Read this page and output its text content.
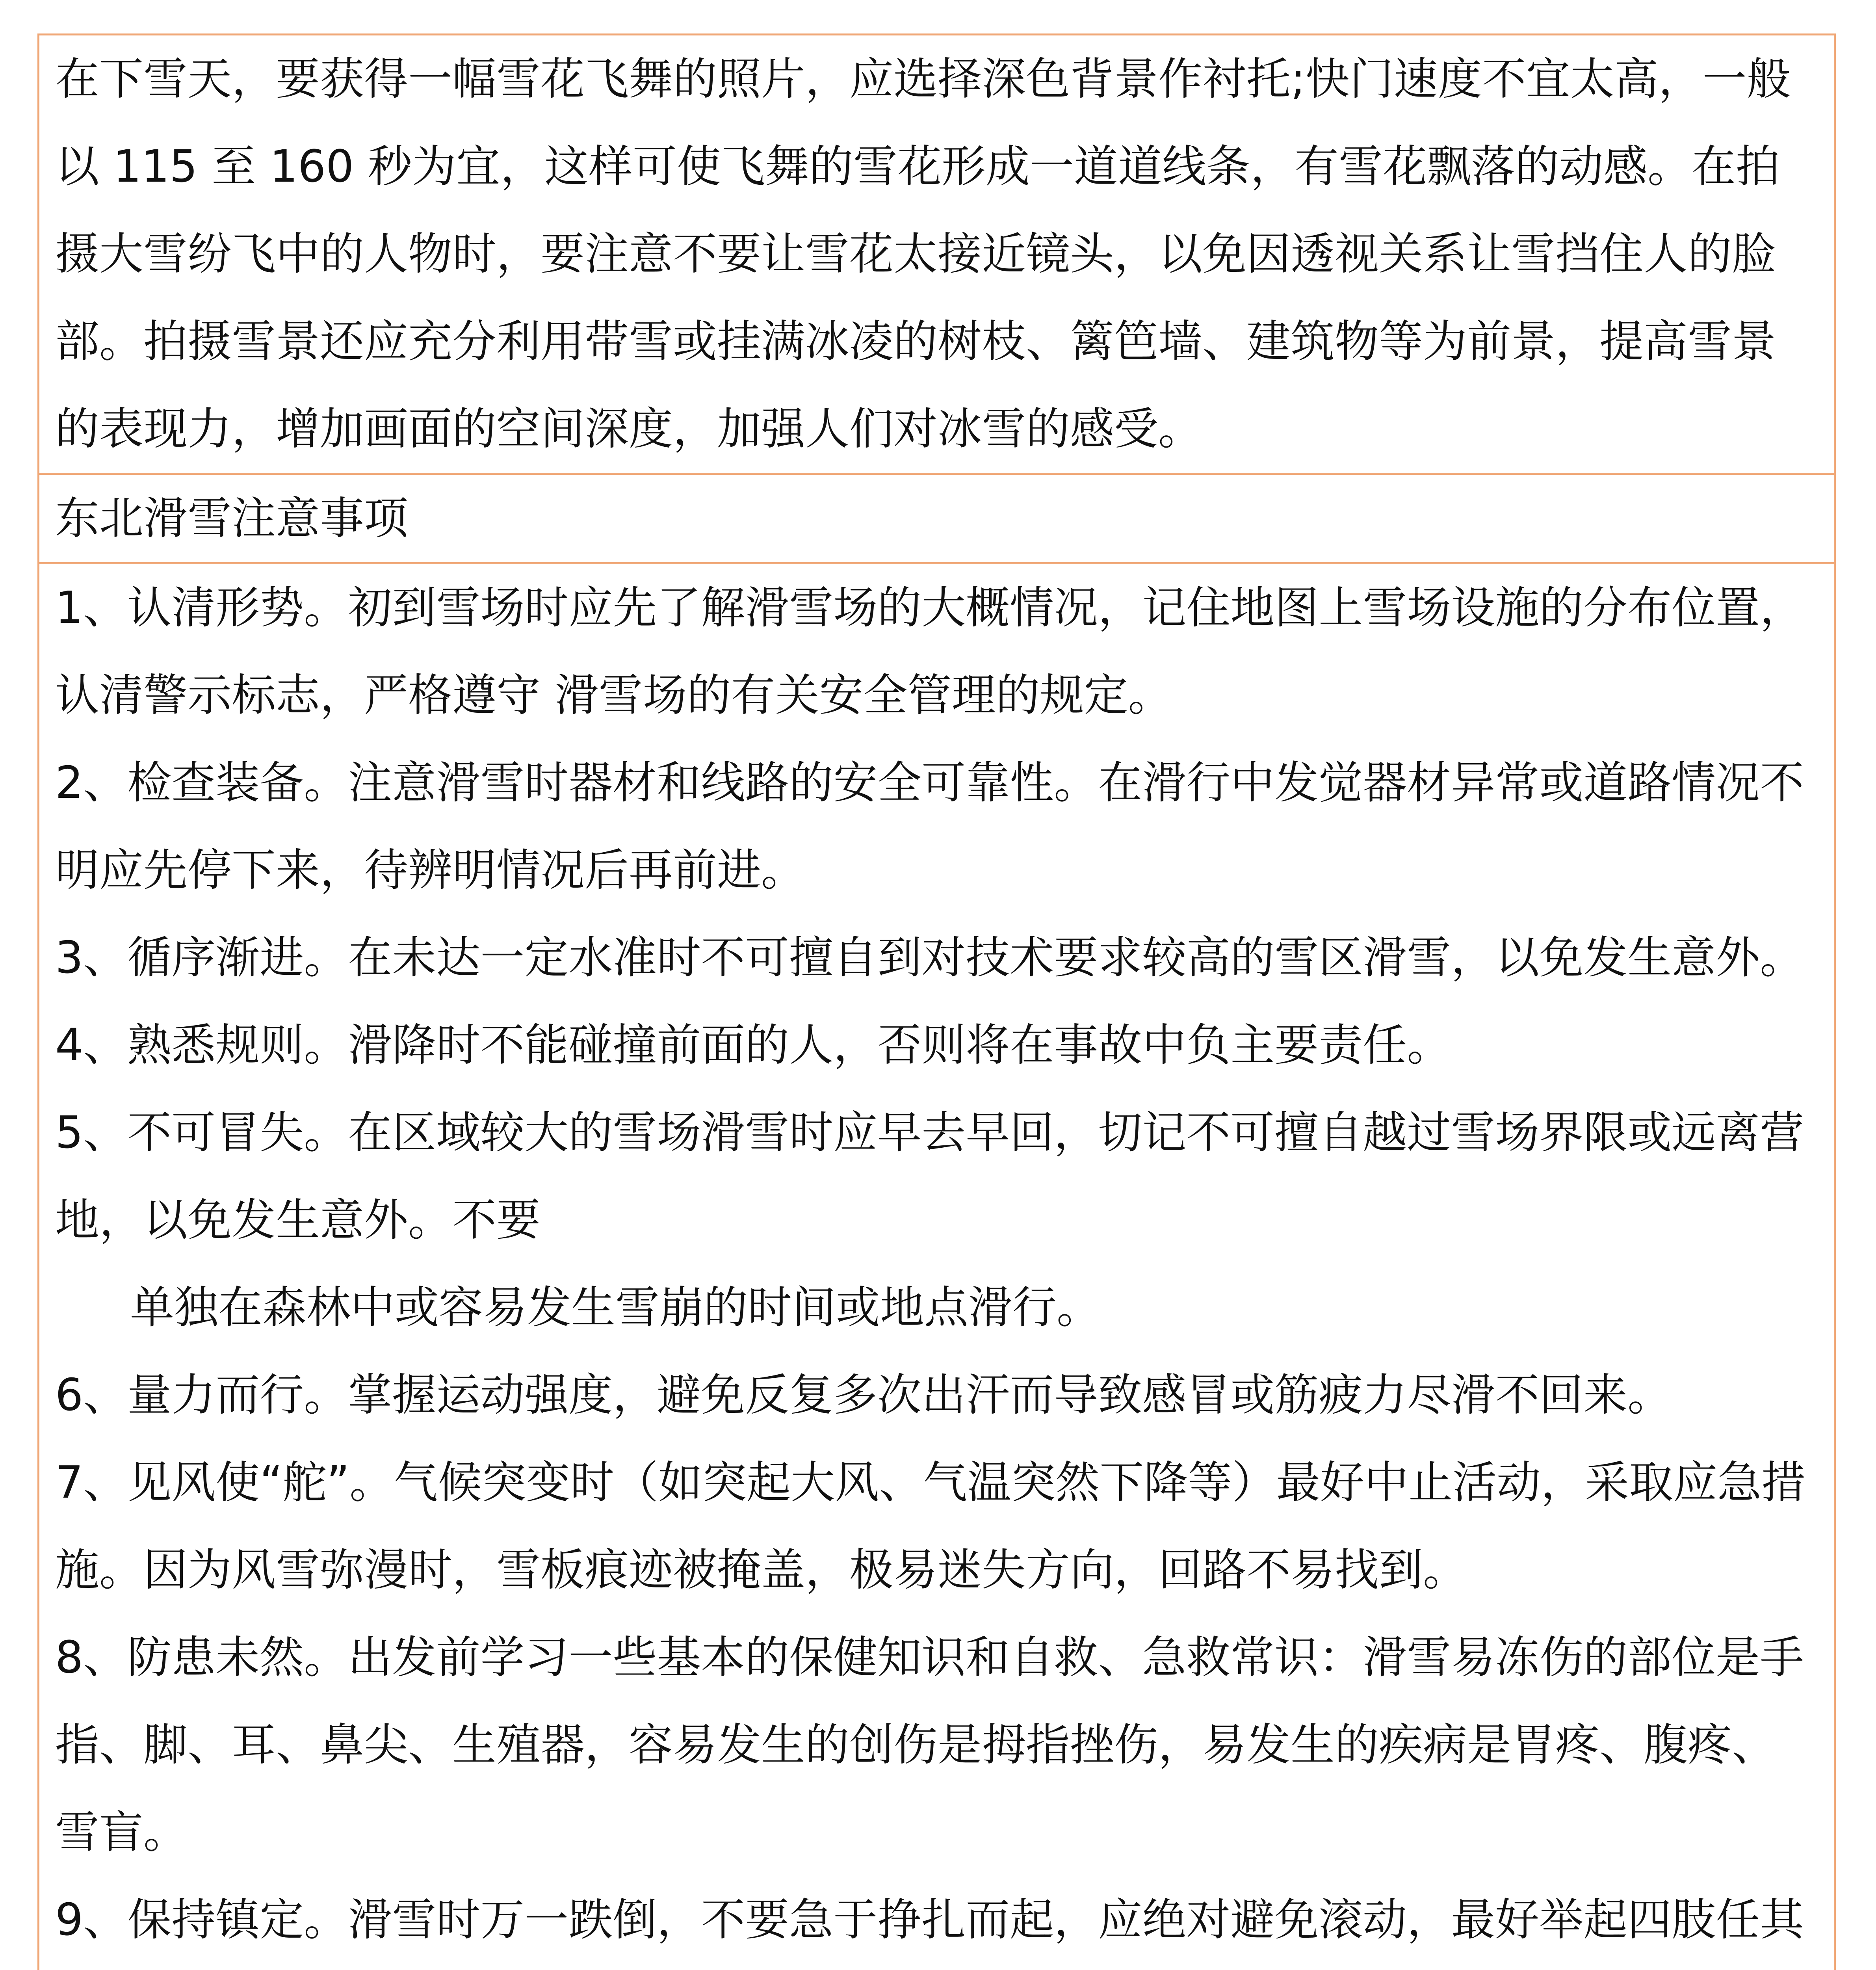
在下雪天，要获得一幅雪花飞舞的照片，应选择深色背景作衬托;快门速度不宜太高，一般以 115 至 160 秒为宜，这样可使飞舞的雪花形成一道道线条，有雪花飘落的动感。在拍摄大雪纷飞中的人物时，要注意不要让雪花太接近镜头，以免因透视关系让雪挡住人的脸部。拍摄雪景还应充分利用带雪或挂满冰凌的树枝、篱笆墙、建筑物等为前景，提高雪景的表现力，增加画面的空间深度，加强人们对冰雪的感受。

东北滑雪注意事项

1、认清形势。初到雪场时应先了解滑雪场的大概情况，记住地图上雪场设施的分布位置，认清警示标志，严格遵守 滑雪场的有关安全管理的规定。

2、检查装备。注意滑雪时器材和线路的安全可靠性。在滑行中发觉器材异常或道路情况不明应先停下来，待辨明情况后再前进。

3、循序渐进。在未达一定水准时不可擅自到对技术要求较高的雪区滑雪，以免发生意外。

4、熟悉规则。滑降时不能碰撞前面的人，否则将在事故中负主要责任。

5、不可冒失。在区域较大的雪场滑雪时应早去早回，切记不可擅自越过雪场界限或远离营地，以免发生意外。不要

单独在森林中或容易发生雪崩的时间或地点滑行。

6、量力而行。掌握运动强度，避免反复多次出汗而导致感冒或筋疲力尽滑不回来。

7、见风使“舵”。气候突变时（如突起大风、气温突然下降等）最好中止活动，采取应急措施。因为风雪弥漫时，雪板痕迹被掩盖，极易迷失方向，回路不易找到。

8、防患未然。出发前学习一些基本的保健知识和自救、急救常识：滑雪易冻伤的部位是手指、脚、耳、鼻尖、生殖器，容易发生的创伤是拇指挫伤，易发生的疾病是胃疼、腹疼、雪盲。

9、保持镇定。滑雪时万一跌倒，不要急于挣扎而起，应绝对避免滚动，最好举起四肢任其
